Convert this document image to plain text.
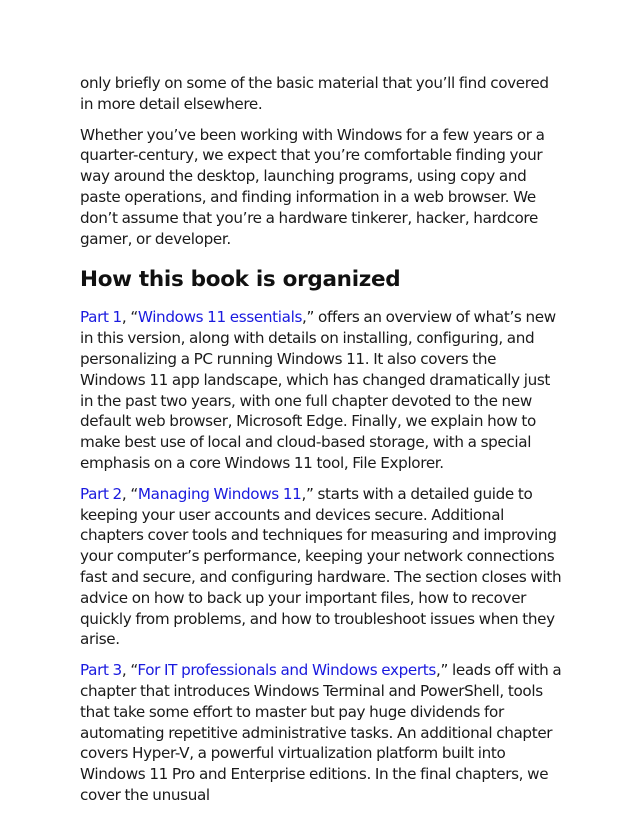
only briefly on some of the basic material that you’ll find covered in more detail elsewhere.

Whether you’ve been working with Windows for a few years or a quarter-century, we expect that you’re comfortable finding your way around the desktop, launching programs, using copy and paste operations, and finding information in a web browser. We don’t assume that you’re a hardware tinkerer, hacker, hardcore gamer, or developer.

How this book is organized

Part 1, “Windows 11 essentials,” offers an overview of what’s new in this version, along with details on installing, configuring, and personalizing a PC running Windows 11. It also covers the Windows 11 app landscape, which has changed dramatically just in the past two years, with one full chapter devoted to the new default web browser, Microsoft Edge. Finally, we explain how to make best use of local and cloud-based storage, with a special emphasis on a core Windows 11 tool, File Explorer.

Part 2, “Managing Windows 11,” starts with a detailed guide to keeping your user accounts and devices secure. Additional chapters cover tools and techniques for measuring and improving your computer’s performance, keeping your network connections fast and secure, and configuring hardware. The section closes with advice on how to back up your important files, how to recover quickly from problems, and how to troubleshoot issues when they arise.

Part 3, “For IT professionals and Windows experts,” leads off with a chapter that introduces Windows Terminal and PowerShell, tools that take some effort to master but pay huge dividends for automating repetitive administrative tasks. An additional chapter covers Hyper-V, a powerful virtualization platform built into Windows 11 Pro and Enterprise editions. In the final chapters, we cover the unusual
